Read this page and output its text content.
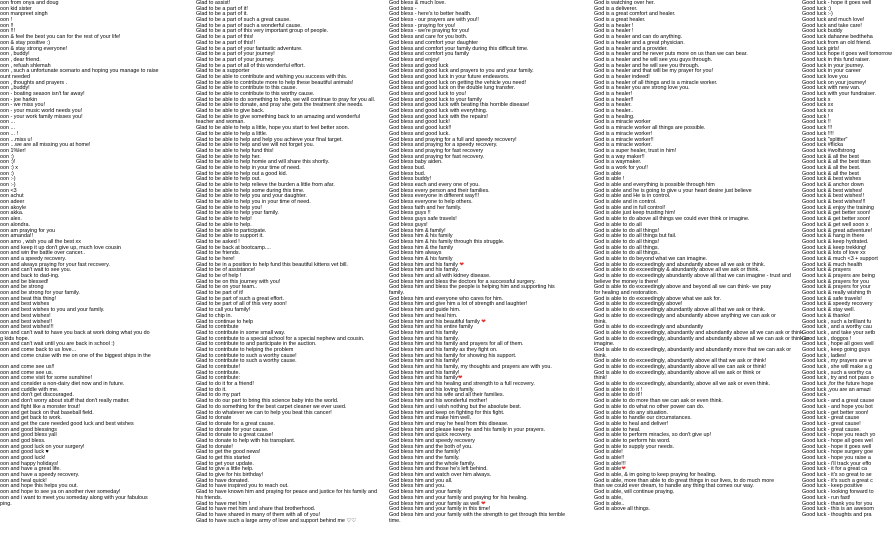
oon from onya and doug
oon kid sister
oon manpreet singh
oon !
oon !!
oon !!!
oon & feel the best you can for the rest of your life!
oon & stay positive :)
oon & stay strong everyone!
oon , buddy!
oon , dear friend.
oon , refuah shlemah
oon , such a unfortunate scenario and hoping you manage to raise
ount needed
oon , thoughts and prayers .
oon ,,buddy!
oon - boating season isn't far away!
oon - joe harkin
oon - we miss you!
oon - your music world needs you!
oon - your work family misses you!
oon ...
oon ...
oon ... !
oon ...miss u!
oon ...we are all missing you at home!
oon 1%ler!
oon :)
oon :)!
oon :) x
oon :)
oon :-)
oon :-)
oon <3
oon achut
oon adeer
oon akoyle
oon akka.
oon alex.
oon alondra.
oon am praying for you
oon amanda!!
oon amo , wish you all the best xx
oon and keep it up don't give up, much love cousin
oon and win the battle over cancer..
oon and a speedy recovery.
oon and always praying for your fast recovery.
oon and can't wait to see you.
oon and back to dad-ing.
oon and be blessed!
oon and be strong
oon and be strong for your family.
oon and beat this thing!
oon and best wishes
oon and best wishes to you and your family.
oon and best wishes!
oon and best wishes!!
oon and best wishes!!!
oon and can't wait to have you back at work doing what you do
g kids hope.
oon and can't wait until you are back in school :)
oon and come back to us love...
oon and come cruise with me on one of the biggest ships in the
oon and come see us!!
oon and come see us.
oon and come visit for some sunshine!
oon and consider a non-dairy diet now and in future.
oon and cuddle with me.
oon and don't get discouraged.
oon and don't worry about stuff that don't really matter.
oon and fight like a monster trout!
oon and get back on that baseball field.
oon and get back to work.
oon and get the care needed good luck and best wishes
oon and good blessings
oon and good bless yall
oon and god bless.
oon and good luck on your surgery!
oon and good luck ♥
oon and good luck!
oon and happy holidays!
oon and have a great life.
oon and have a speedy recovery.
oon and heal quick!
oon and hope this helps you out.
oon and hope to see ya on another river someday!
oon and i want to meet you someday along with your fabulous
ping.
Glad to assist!
Glad to be a part of it!
Glad to be a part of it.
Glad to be a part of such a great cause.
Glad to be a part of such a wonderful cause.
Glad to be a part of this very important group of people.
Glad to be a part of this!
Glad to be a part of this!!
Glad to be a part of your fantastic adventure.
Glad to be a part of your journey!
Glad to be a part of your journey.
Glad to be a part of all of this wonderful effort.
Glad to be a supporter
Glad to be able to contribute and wishing you success with this.
Glad to be able to contribute more to help these beautiful animals!
Glad to be able to contribute to this cause.
Glad to be able to contribute to this worthy cause.
Glad to be able to do something to help, we will continue to pray for you all.
Glad to be able to donate, and pray she gets the treatment she needs.
Glad to be able to give back.
Glad to be able to give something back to an amazing and wonderful
teacher and woman.
Glad to be able to help a little, hope you start to feel better soon.
Glad to be able to help a little.
Glad to be able to help and help you achieve your final target.
Glad to be able to help and we will not forget you.
Glad to be able to help fund this!
Glad to be able to help her.
Glad to be able to help homie and will share this shortly.
Glad to be able to help in your time of need.
Glad to be able to help out a good kid.
Glad to be able to help out.
Glad to be able to help relieve the burden a little from afar.
Glad to be able to help some during this time.
Glad to be able to help you and your daughter.
Glad to be able to help you in your time of need.
Glad to be able to help you!
Glad to be able to help your family.
Glad to be able to help!
Glad to be able to help.
Glad to be able to participate.
Glad to be able to support it.
Glad to be asked !
Glad to be back at bootcamp....
Glad to be friends.
Glad to be here!
Glad to be in a position to help fund this beautiful kittens vet bill.
Glad to be of assistance!
Glad to be of help !
Glad to be on this journey with you!
Glad to be on your team..
Glad to be part of it!
Glad to be part of such a great effort.
Glad to be part of all of this very soon!
Glad to call you family!
Glad to chip in.
Glad to continue to help
Glad to contribute
Glad to contribute in some small way.
Glad to contribute to a special school for a special nephew and cousin.
Glad to contribute to and participate in the auction.
Glad to contribute to helping the problem
Glad to contribute to such a worthy cause!
Glad to contribute to such a worthy cause.
Glad to contribute!
Glad to contribute.
Glad to contribute:
Glad to do it for a friend!
Glad to do it.
Glad to do my part
Glad to do our part to bring this science baby into the world.
Glad to do something for the best carpet cleaner we ever used.
Glad to do whatever we can to help you beat this cancer!
Glad to donate
Glad to donate for a great cause.
Glad to donate for your cause.
Glad to donate to a great cause!
Glad to donate to help with his transplant.
Glad to donate!
Glad to get the good news!
Glad to get this started
Glad to get your update.
Glad to give a little help.
Glad to give for his birthday!
Glad to have donated.
Glad to have inspired you to reach out.
Glad to have known him and praying for peace and justice for his family and
his friends.
Glad to have met him !
Glad to have met him and share that brotherhood.
Glad to have shared in many of them with all of you!
Glad to have such a large army of love and support behind me ♡♡
God bless & much love.
God bless -
God bless - here's to better health.
God bless - our prayers are with you!!
God bless - praying for you!
God bless - we're praying for you!
God bless and care for you both.
God bless and comfort your daughter
God bless and comfort your family during this difficult time.
God bless and comfort you family
God bless and enjoy!
God bless and good luck
God bless and good luck and prayers to you and your family.
God bless and good luck in your future endeavors.
God bless and good luck on getting the vehicle you need!
God bless and good luck on the double lung transfer.
God bless and good luck to you!
God bless and good luck to your family
God bless and good luck with beating this horrible disease!
God bless and good luck with everything.
God bless and good luck with the repairs!
God bless and good luck!
God bless and good luck!!
God bless and good luck.
God bless and praying for a full and speedy recovery!
God bless and praying for a speedy recovery.
God bless and praying for fast recovery
God bless and praying for fast recovery.
God bless baby aiden.
God bless bud.
God bless bud.
God bless buddy!
God bless each and every one of you.
God bless every person and their families.
God bless everyone in different way!!!
God bless everyone to help others.
God bless faith and her family.
God bless guys !!
God bless guys safe travels!
God bless guys!
God bless him & family!
God bless him & his family
God bless him & his family through this struggle.
God bless him & the family
God bless him always
God bless him & his family
God bless him and his family ❤
God bless him and his family.
God bless him and all with kidney disease.
God bless him and bless the doctors for a successful surgery.
God bless him and bless the people is helping him and supporting his
family.
God bless him and everyone who cares for him.
God bless him and give him a lot of strength and laughter!
God bless him and guide him.
God bless him and heal him.
God bless him and his beautiful family ❤
God bless him and his entire family
God bless him and his family
God bless him and his family.
God bless him and his family and prayers for all of them.
God bless him and his family as they fight on.
God bless him and his family for showing his support.
God bless him and his family!
God bless him and his family, my thoughts and prayers are with you.
God bless him and his family!
God bless him and his family❤
God bless him and his healing and strength to a full recovery.
God bless him and his loving family.
God bless him and his wife and all their families.
God bless him and his wonderful mother!
God bless him and i wish nothing but the absolute best.
God bless him and keep on fighting for this fight.
God bless him and make him well.
God bless him and may he heal from this disease.
God bless him and please keep he and his family in your prayers.
God bless him and quick recovery.
God bless him and speedy recovery
God bless him and the both of you.
God bless him and the family!
God bless him and the family.
God bless him and the whole family.
God bless him and those he's left behind.
God bless him and watch over him always.
God bless him and you all.
God bless him and you.
God bless him and your family
God bless him and your family and praying for his healing.
God bless him and your family as well ❤
God bless him and your family in this time!
God bless him and your family with the strength to get through this terrible
time.
God is watching over her.
God is a deliverer.
God is a great comfort and healer.
God is a great healer.
God is a healer !
God is a healer !
God is a healer and can do anything.
God is a healer and a great physician.
God is a healer and a provider.
God is a healer and he never puts more on us than we can bear.
God is a healer and he will see you guys through.
God is a healer and he will see you through.
God is a healer and that will be my prayer for you!
God is a healer indeed!
God is a healer of all things and is a miracle worker.
God is a healer you are strong love you.
God is a healer!
God is a healer!!
God is a healer.
God is a healer..
God is a healing.
God is a miracle worker
God is a miracle worker all things are possible.
God is a miracle worker!
God is a miracle worker!!
God is a miracle worker.
God is a super healer, trust in him!
God is a way maker!!
God is a waymaker.
God is a work for you!!
God is able
God is able !
God is able and everything is possible through him
God is able and he is going to give u your heart desire just believe
God is able and He is in control.
God is able and in control.
God is able and in full control!
God is able just keep trusting him!
God is able to do above all things we could ever think or imagine.
God is able to do all
God is able to do all things!
God is able to do all things but fail.
God is able to do all things!
God is able to do all things.
God is able to do all things..
God is able to do beyond what we can imagine.
God is able to do exceedingly and abundantly above all we ask or think.
God is able to do exceedingly & abundantly above all we ask or think.
God is able to do exceedingly abundantly above all that we can imagine - trust and
believe the money is there!
God is able to do exceedingly above and beyond all we can think- we pray
for healing and restoration.
God is able to do exceedingly above what we ask for.
God is able to do exceedingly above!
God is able to do exceedingly abundantly above all that we ask or think.
God is able to do exceedingly and abundantly above anything we can ask or
think.
God is able to do exceedingly and abundantly
God is able to do exceedingly, abundantly and abundantly above all we can ask or think.
God is able to do exceedingly, abundantly and abundantly above all we can ask or think or
imagine.
God is able to do exceedingly, abundantly and abundantly more that we can ask or
think.
God is able to do exceedingly, abundantly above all that we ask or think!
God is able to do exceedingly, abundantly above all we can ask or think!
God is able to do exceedingly, abundantly above all we ask or think or
think!
God is able to do exceedingly, abundantly, above all we ask or even think.
God is able to do it !
God is able to do it!!
God is able to do more than we can ask or even think.
God is able to do what no other power can do.
God is able to do any situation.
God is able to handle our circumstances.
God is able to heal and deliver!
God is able to heal.
God is able to perform miracles, so don't give up!
God is able to perform his word.
God is able to supply your needs.
God is able!
God is able!!
God is able!!!
God is able❤
God is able, & im going to keep praying for healing.
God is able, more than able to do great things in our lives, to do much more
than we could ever dream, to handle any thing that comes our way.
God is able, will continue praying.
God is able,
God is able..
God is above all things.
Good luck - hope it goes well
Good luck :)
Good luck :-)
Good luck and much love!
Good luck and take care!
Good luck buddy
Good luck dahanne bedtheha
Good luck from an old friend.
Good luck girls!
Good luck hope it goes well tomorrow
Good luck in this fund raiser.
Good luck in your journey.
Good luck in your career
Good luck love you
Good luck on your journey!
Good luck with new van.
Good luck with your fundraiser.
Good luck x
Good luck xx
Good luck xx
Good luck !
Good luck !!
Good luck !!!
Good luck !!!!
Good luck "splitter"
Good luck #flicka
Good luck #wolfstrong
Good luck & all the best
Good luck & all the best titan
Good luck & all the best.
Good luck & all the best
Good luck & best wishes
Good luck & anchor down
Good luck & best wishes!
Good luck & best wishes!!
Good luck & best wishes!!!
Good luck & enjoy the training
Good luck & get better soon!
Good luck & get better soon!
Good luck & get well soon x
Good luck & great adventure!
Good luck & hang in there
Good luck & keep hydrated.
Good luck & keep trekking!
Good luck & lots of love xx
Good luck & much <3 + support
Good luck & much health
Good luck & prayers
Good luck & prayers are being
Good luck & prayers for you
Good luck & prayers for your
Good luck & really wishing th
Good luck & safe travels!
Good luck & speedy recovery
Good luck & stay well.
Good luck & thanks!
Good luck , such a brilliant fu
Good luck , and a worthy cau
Good luck , and take your setb
Good luck , doggos !
Good luck , hope all goes well
Good luck , keep going guys
Good luck , ladies!
Good luck , my prayers are w
Good luck , she will make a g
Good luck , such a worthy ca
Good luck , try and not pass o
Good luck ,for the future hope
Good luck ,you are an amazi
Good luck -
Good luck - and a great cause
Good luck - and hope you bot
Good luck - get better soon!
Good luck - great cause
Good luck - great cause!
Good luck - great cause.
Good luck - hope you reach yo
Good luck - hope all goes wel
Good luck - hope it goes well
Good luck - hope surgery goe
Good luck - hope you raise a
Good luck - i'll track your effo
Good luck - it for a great ca
Good luck - it's so great to se
Good luck - it's such a great c
Good luck - keep positive
Good luck - looking forward to
Good luck - run fast!
Good luck - thank you for you
Good luck - this is an awesom
Good luck - thoughts and pra
